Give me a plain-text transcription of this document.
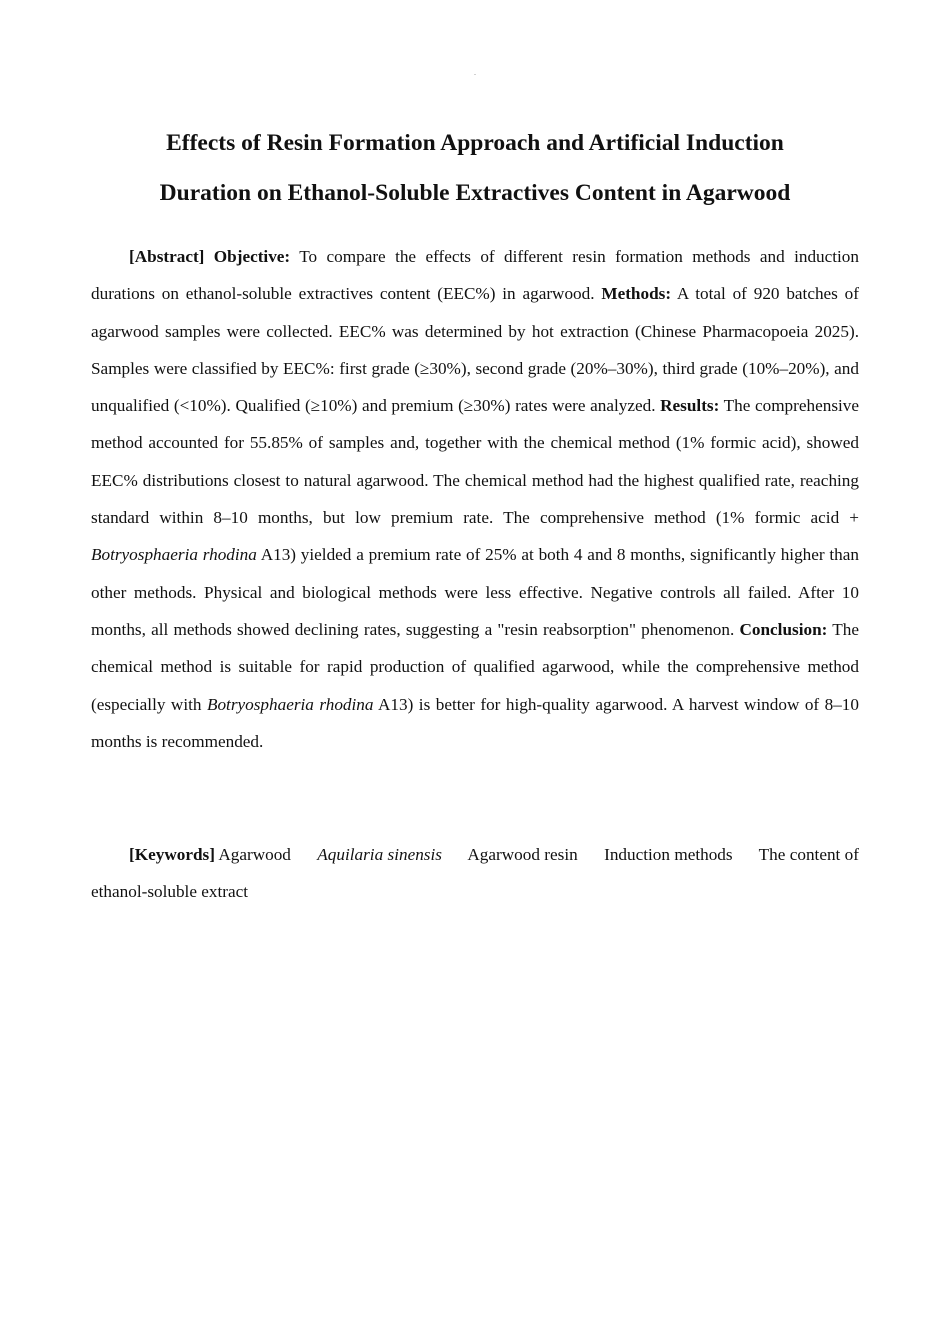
.
Effects of Resin Formation Approach and Artificial Induction
Duration on Ethanol-Soluble Extractives Content in Agarwood

[Abstract] Objective: To compare the effects of different resin formation methods and induction durations on ethanol-soluble extractives content (EEC%) in agarwood. Methods: A total of 920 batches of agarwood samples were collected. EEC% was determined by hot extraction (Chinese Pharmacopoeia 2025). Samples were classified by EEC%: first grade (≥30%), second grade (20%–30%), third grade (10%–20%), and unqualified (<10%). Qualified (≥10%) and premium (≥30%) rates were analyzed. Results: The comprehensive method accounted for 55.85% of samples and, together with the chemical method (1% formic acid), showed EEC% distributions closest to natural agarwood. The chemical method had the highest qualified rate, reaching standard within 8–10 months, but low premium rate. The comprehensive method (1% formic acid + Botryosphaeria rhodina A13) yielded a premium rate of 25% at both 4 and 8 months, significantly higher than other methods. Physical and biological methods were less effective. Negative controls all failed. After 10 months, all methods showed declining rates, suggesting a "resin reabsorption" phenomenon. Conclusion: The chemical method is suitable for rapid production of qualified agarwood, while the comprehensive method (especially with Botryosphaeria rhodina A13) is better for high-quality agarwood. A harvest window of 8–10 months is recommended.

[Keywords] Agarwood Aquilaria sinensis Agarwood resin Induction methods The content of ethanol-soluble extract
